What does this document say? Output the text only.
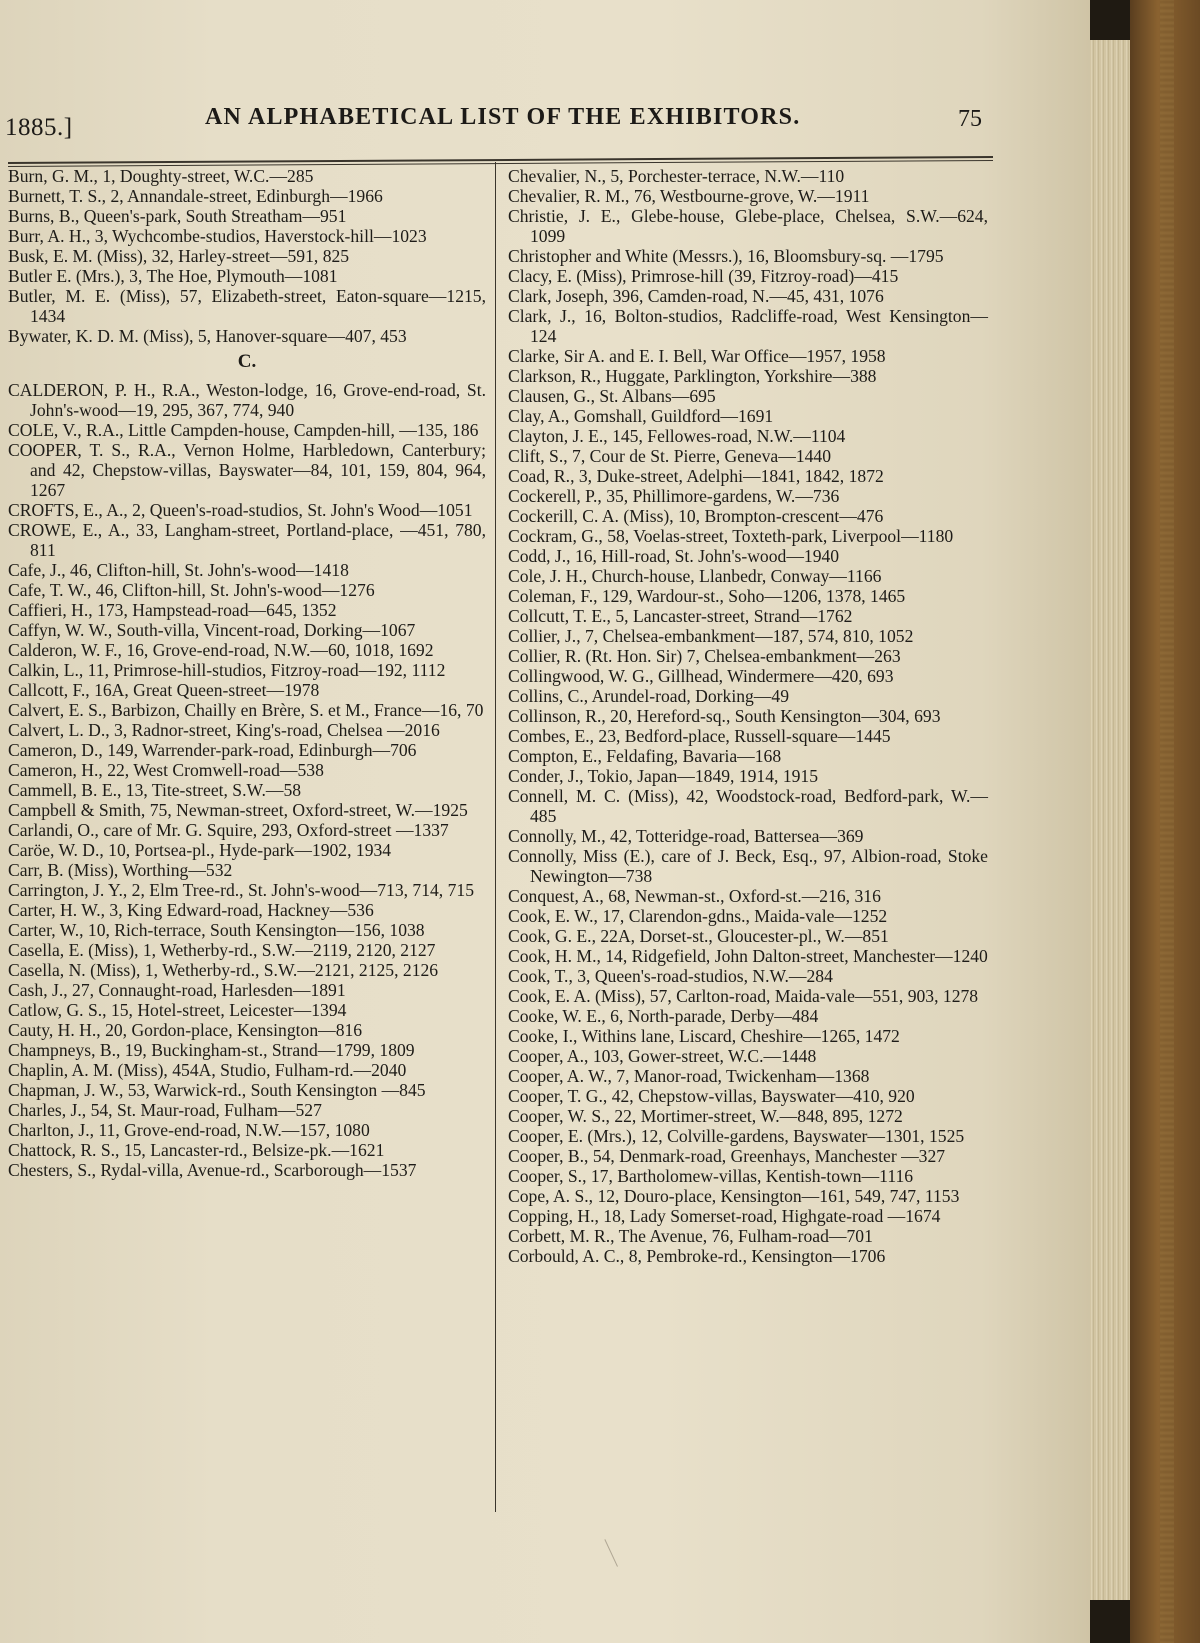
1885.]	AN ALPHABETICAL LIST OF THE EXHIBITORS.	75

Burn, G. M., 1, Doughty-street, W.C.—285

Burnett, T. S., 2, Annandale-street, Edinburgh—1966

Burns, B., Queen's-park, South Streatham—951

Burr, A. H., 3, Wychcombe-studios, Haverstock-hill—1023

Busk, E. M. (Miss), 32, Harley-street—591, 825

Butler E. (Mrs.), 3, The Hoe, Plymouth—1081

Butler, M. E. (Miss), 57, Elizabeth-street, Eaton-square—1215, 1434

Bywater, K. D. M. (Miss), 5, Hanover-square—407, 453

C.

CALDERON, P. H., R.A., Weston-lodge, 16, Grove-end-road, St. John's-wood—19, 295, 367, 774, 940

COLE, V., R.A., Little Campden-house, Campden-hill, —135, 186

COOPER, T. S., R.A., Vernon Holme, Harbledown, Canterbury; and 42, Chepstow-villas, Bayswater—84, 101, 159, 804, 964, 1267

CROFTS, E., A., 2, Queen's-road-studios, St. John's Wood—1051

CROWE, E., A., 33, Langham-street, Portland-place, —451, 780, 811

Cafe, J., 46, Clifton-hill, St. John's-wood—1418

Cafe, T. W., 46, Clifton-hill, St. John's-wood—1276

Caffieri, H., 173, Hampstead-road—645, 1352

Caffyn, W. W., South-villa, Vincent-road, Dorking—1067

Calderon, W. F., 16, Grove-end-road, N.W.—60, 1018, 1692

Calkin, L., 11, Primrose-hill-studios, Fitzroy-road—192, 1112

Callcott, F., 16A, Great Queen-street—1978

Calvert, E. S., Barbizon, Chailly en Brère, S. et M., France—16, 70

Calvert, L. D., 3, Radnor-street, King's-road, Chelsea —2016

Cameron, D., 149, Warrender-park-road, Edinburgh—706

Cameron, H., 22, West Cromwell-road—538

Cammell, B. E., 13, Tite-street, S.W.—58

Campbell & Smith, 75, Newman-street, Oxford-street, W.—1925

Carlandi, O., care of Mr. G. Squire, 293, Oxford-street —1337

Caröe, W. D., 10, Portsea-pl., Hyde-park—1902, 1934

Carr, B. (Miss), Worthing—532

Carrington, J. Y., 2, Elm Tree-rd., St. John's-wood—713, 714, 715

Carter, H. W., 3, King Edward-road, Hackney—536

Carter, W., 10, Rich-terrace, South Kensington—156, 1038

Casella, E. (Miss), 1, Wetherby-rd., S.W.—2119, 2120, 2127

Casella, N. (Miss), 1, Wetherby-rd., S.W.—2121, 2125, 2126

Cash, J., 27, Connaught-road, Harlesden—1891

Catlow, G. S., 15, Hotel-street, Leicester—1394

Cauty, H. H., 20, Gordon-place, Kensington—816

Champneys, B., 19, Buckingham-st., Strand—1799, 1809

Chaplin, A. M. (Miss), 454A, Studio, Fulham-rd.—2040

Chapman, J. W., 53, Warwick-rd., South Kensington —845

Charles, J., 54, St. Maur-road, Fulham—527

Charlton, J., 11, Grove-end-road, N.W.—157, 1080

Chattock, R. S., 15, Lancaster-rd., Belsize-pk.—1621

Chesters, S., Rydal-villa, Avenue-rd., Scarborough—1537

Chevalier, N., 5, Porchester-terrace, N.W.—110

Chevalier, R. M., 76, Westbourne-grove, W.—1911

Christie, J. E., Glebe-house, Glebe-place, Chelsea, S.W.—624, 1099

Christopher and White (Messrs.), 16, Bloomsbury-sq. —1795

Clacy, E. (Miss), Primrose-hill (39, Fitzroy-road)—415

Clark, Joseph, 396, Camden-road, N.—45, 431, 1076

Clark, J., 16, Bolton-studios, Radcliffe-road, West Kensington—124

Clarke, Sir A. and E. I. Bell, War Office—1957, 1958

Clarkson, R., Huggate, Parklington, Yorkshire—388

Clausen, G., St. Albans—695

Clay, A., Gomshall, Guildford—1691

Clayton, J. E., 145, Fellowes-road, N.W.—1104

Clift, S., 7, Cour de St. Pierre, Geneva—1440

Coad, R., 3, Duke-street, Adelphi—1841, 1842, 1872

Cockerell, P., 35, Phillimore-gardens, W.—736

Cockerill, C. A. (Miss), 10, Brompton-crescent—476

Cockram, G., 58, Voelas-street, Toxteth-park, Liverpool—1180

Codd, J., 16, Hill-road, St. John's-wood—1940

Cole, J. H., Church-house, Llanbedr, Conway—1166

Coleman, F., 129, Wardour-st., Soho—1206, 1378, 1465

Collcutt, T. E., 5, Lancaster-street, Strand—1762

Collier, J., 7, Chelsea-embankment—187, 574, 810, 1052

Collier, R. (Rt. Hon. Sir) 7, Chelsea-embankment—263

Collingwood, W. G., Gillhead, Windermere—420, 693

Collins, C., Arundel-road, Dorking—49

Collinson, R., 20, Hereford-sq., South Kensington—304, 693

Combes, E., 23, Bedford-place, Russell-square—1445

Compton, E., Feldafing, Bavaria—168

Conder, J., Tokio, Japan—1849, 1914, 1915

Connell, M. C. (Miss), 42, Woodstock-road, Bedford-park, W.—485

Connolly, M., 42, Totteridge-road, Battersea—369

Connolly, Miss (E.), care of J. Beck, Esq., 97, Albion-road, Stoke Newington—738

Conquest, A., 68, Newman-st., Oxford-st.—216, 316

Cook, E. W., 17, Clarendon-gdns., Maida-vale—1252

Cook, G. E., 22A, Dorset-st., Gloucester-pl., W.—851

Cook, H. M., 14, Ridgefield, John Dalton-street, Manchester—1240

Cook, T., 3, Queen's-road-studios, N.W.—284

Cook, E. A. (Miss), 57, Carlton-road, Maida-vale—551, 903, 1278

Cooke, W. E., 6, North-parade, Derby—484

Cooke, I., Withins lane, Liscard, Cheshire—1265, 1472

Cooper, A., 103, Gower-street, W.C.—1448

Cooper, A. W., 7, Manor-road, Twickenham—1368

Cooper, T. G., 42, Chepstow-villas, Bayswater—410, 920

Cooper, W. S., 22, Mortimer-street, W.—848, 895, 1272

Cooper, E. (Mrs.), 12, Colville-gardens, Bayswater—1301, 1525

Cooper, B., 54, Denmark-road, Greenhays, Manchester —327

Cooper, S., 17, Bartholomew-villas, Kentish-town—1116

Cope, A. S., 12, Douro-place, Kensington—161, 549, 747, 1153

Copping, H., 18, Lady Somerset-road, Highgate-road —1674

Corbett, M. R., The Avenue, 76, Fulham-road—701

Corbould, A. C., 8, Pembroke-rd., Kensington—1706
